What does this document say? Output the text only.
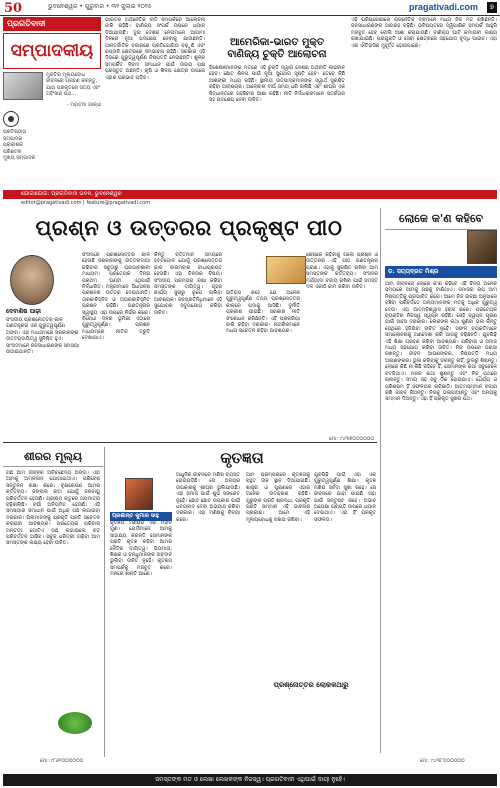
50	ଭୁବନେଶ୍ୱର • ଗୁରୁବାର • ୩୧ ଜୁଲାଇ ୨୦୨୫	pragativadi.com	୭
ପ୍ରଗତିବାଦୀ
ସମ୍ପାଦକୀୟ
ମୁକ୍ତିର ମୂଲ୍ୟବୋଧ ଜୀବନରେ ଗ୍ରହଣ କରନ୍ତୁ, ଯାହା ପ୍ରକୃତରେ ସତ୍ୟ ଏବଂ ଅହିଂସାର ପଥ...
- ମହାତ୍ମା ଗାନ୍ଧୀ
ପ୍ରତିଷ୍ଠାତା
ସମ୍ପାଦକ
ପ୍ରକାଶକ
ପ୍ରିଣ୍ଟର
ମୁଖ୍ୟ ସମ୍ପାଦକ
ଭାରତର ଅର୍ଥନୈତିକ ନୀତି ସମ୍ପର୍କରେ ଆଲୋଚନା ଜାରି ରହିଛି। ବାଣିଜ୍ୟ ସଂପର୍କ ଉପରେ ଧ୍ୟାନ ଦିଆଯାଉଛି। ଦୁଇ ଦେଶର ନେତାମାନେ ଆଗାମୀ ଦିନରେ ନୂଆ ପଦକ୍ଷେପ ନେବାକୁ ଯାଉଛନ୍ତି। ଆନ୍ତର୍ଜାତିକ ବଜାରରେ ପ୍ରତିଯୋଗିତା ବଢ଼ୁଛି ଏବଂ ରପ୍ତାନି କ୍ଷେତ୍ରରେ ସମ୍ଭାବନା ରହିଛି। ସରକାର ଏହି ଦିଗରେ ଗୁରୁତ୍ୱପୂର୍ଣ୍ଣ ନିଷ୍ପତ୍ତି ନେଇଛନ୍ତି। ଶୁଳ୍କ ସମ୍ପର୍କିତ ବିବାଦ ସମାଧାନ ପାଇଁ ଉଭୟ ପକ୍ଷ ପ୍ରସ୍ତୁତ ଅଛନ୍ତି। କୃଷି ଓ ଶିଳ୍ପ କ୍ଷେତ୍ର ଉପରେ ଏହାର ପ୍ରଭାବ ପଡ଼ିବ।
ଆମେରିକା-ଭାରତ ମୁକ୍ତ ବାଣିଜ୍ୟ ଚୁକ୍ତି ଆଲୋଚନା
ବିଶେଷଜ୍ଞମାନଙ୍କ ମତରେ ଏହି ଚୁକ୍ତି ଦ୍ୱାରା ଦେଶର ଅର୍ଥନୀତି ଲାଭବାନ ହେବ। ଛୋଟ ଶିଳ୍ପ ପାଇଁ ନୂଆ ସୁଯୋଗ ସୃଷ୍ଟି ହେବ। ତେବେ କିଛି ଆଶଙ୍କା ମଧ୍ୟ ରହିଛି। ସ୍ଥାନୀୟ ଉତ୍ପାଦକମାନଙ୍କ ସ୍ୱାର୍ଥ ସୁରକ୍ଷିତ ରହିବା ଆବଶ୍ୟକ। ଆଲୋଚନା ଦୀର୍ଘ ସମୟ ଧରି ଚାଲିଛି ଏବଂ ଶୀଘ୍ର ଏକ ସିଦ୍ଧାନ୍ତରେ ପହଞ୍ଚିବାର ଆଶା ରହିଛି। ନୀତି ନିର୍ଦ୍ଧାରକମାନେ ସତର୍କତାର ସହ ପଦକ୍ଷେପ ନେବା ଉଚିତ।
ଏହି ପରିପ୍ରେକ୍ଷୀରେ ରାଜନୈତିକ ଦଳମାନେ ମଧ୍ୟ ନିଜ ମତ ରଖିଛନ୍ତି। ଜନସାଧାରଣଙ୍କ ଆଗ୍ରହ ବଢ଼ିଛି। ଭବିଷ୍ୟତରେ ଦ୍ୱିପାକ୍ଷିକ ସମ୍ପର୍କ ଆହୁରି ମଜବୁତ ହେବ ବୋଲି ଆଶା କରାଯାଉଛି। ବାଣିଜ୍ୟ ଘାଟି କମାଇବା ଲକ୍ଷ୍ୟ ରଖାଯାଇଛି। ପ୍ରଯୁକ୍ତି ଓ ସେବା କ୍ଷେତ୍ରରେ ସହଯୋଗ ବୃଦ୍ଧି ପାଇବ। ଏହା ଏକ ଐତିହାସିକ ମୁହୂର୍ତ୍ତ ହୋଇପାରେ।
ଯୋଗାଯୋଗ: ପ୍ରଗତିବାଦୀ ଭବନ, ଭୁବନେଶ୍ୱର
editor@pragativadi.com | feature@pragativadi.com
ପ୍ରଶ୍ନ ଓ ଉତ୍ତରର ପ୍ରକୃଷ୍ଟ ପୀଠ
ଦେବାଶିଷ ପାଢ଼ୀ
ସଂସଦୀୟ ପ୍ରଶ୍ନୋତ୍ତର କାଳ ଗଣତନ୍ତ୍ରର ଏକ ଗୁରୁତ୍ୱପୂର୍ଣ୍ଣ ଅଙ୍ଗ। ଏହା ମାଧ୍ୟମରେ ସରକାରଙ୍କ ଉତ୍ତରଦାୟିତ୍ୱ ସୁନିଶ୍ଚିତ ହୁଏ। ସାଂସଦମାନେ ଜନସାଧାରଣଙ୍କ ସମସ୍ୟା ଉଠାଇଥାନ୍ତି।
ସଂସଦରେ ପ୍ରଶ୍ନୋତ୍ତର କାଳ ହେଉଛି ସରକାରଙ୍କୁ ଉତ୍ତରଦାୟୀ କରିବାର ସବୁଠାରୁ ପ୍ରଭାବଶାଳୀ ମାଧ୍ୟମ। ପ୍ରତ୍ୟେକ ଦିନର ପ୍ରଥମ ଘଣ୍ଟା ଏଥିପାଇଁ ନିର୍ଦ୍ଧାରିତ। ମନ୍ତ୍ରୀମାନେ ସିଧାସଳଖ ପ୍ରଶ୍ନର ଉତ୍ତର ଦେଇଥାନ୍ତି। ତାରକାଚିହ୍ନିତ ଓ ଅତାରକାଚିହ୍ନିତ ପ୍ରଶ୍ନ ରହିଛି। ଗଣତନ୍ତ୍ରର ସ୍ୱାସ୍ଥ୍ୟ ଏହା ଉପରେ ନିର୍ଭର କରେ। ବିରୋଧୀ ଦଳର ଭୂମିକା ଏଠାରେ ଗୁରୁତ୍ୱପୂର୍ଣ୍ଣ। ପ୍ରଶ୍ନ ମାଧ୍ୟମରେ ନୀତିର ତ୍ରୁଟି ଦେଖାଯାଏ।
କିନ୍ତୁ ବର୍ତ୍ତମାନ ସମୟରେ ହଟ୍ଟଗୋଳ ଯୋଗୁଁ ପ୍ରଶ୍ନୋତ୍ତର କାଳ ବାରମ୍ବାର ବାଧାପ୍ରାପ୍ତ ହେଉଛି। ଏହା ଚିନ୍ତାର ବିଷୟ। ସଂସଦୀୟ ପରମ୍ପରା ରକ୍ଷା କରିବା ସମସ୍ତଙ୍କ ଦାୟିତ୍ୱ। ଗୃହର କାର୍ଯ୍ୟ ସୁଚାରୁ ରୂପେ ଚାଲିବା ଆବଶ୍ୟକ। ଜନପ୍ରତିନିଧିମାନେ ଏହି ସୁଯୋଗର ସଦୁପଯୋଗ କରିବା ଉଚିତ।
ଇତିହାସ କହେ ଯେ ଅନେକ ଗୁରୁତ୍ୱପୂର୍ଣ୍ଣ ତଥ୍ୟ ପ୍ରଶ୍ନୋତ୍ତର କାଳରେ ପଦାକୁ ଆସିଛି। ଦୁର୍ନୀତି ପ୍ରକାଶ ପାଇଛି। ସରକାର ନୀତି ସଂଶୋଧନ କରିଛନ୍ତି। ଏହି ପ୍ରକ୍ରିୟା ଜାରି ରହିବା ଦରକାର। ନାଗରିକମାନେ ମଧ୍ୟ ସଚେତନ ରହିବା ଆବଶ୍ୟକ।
ଶେଷରେ କହିବାକୁ ଗଲେ ପ୍ରଶ୍ନ ଓ ଉତ୍ତରର ଏହି ପୀଠ ଗଣତନ୍ତ୍ରର ପ୍ରାଣ। ଏହାକୁ ସୁରକ୍ଷିତ ରଖିବା ଆମ ସମସ୍ତଙ୍କ କର୍ତ୍ତବ୍ୟ। ସଂସଦର ମର୍ଯ୍ୟାଦା ବଜାୟ ରଖିବା ପାଇଁ ସମସ୍ତ ଦଳ ଏକାଠି କାମ କରିବା ଉଚିତ।
ମୋ: ୯୪୩୭୦୦୦୦୦୦
ଲୋକେ କ'ଣ କହିବେ
ଡ. ସତ୍ୟବ୍ରତ ମିଶ୍ର
ଆମ ଜୀବନରେ ଲୋକେ କ'ଣ କହିବେ ଏହି ଚିନ୍ତା ଅନେକ ସମୟରେ ଆମକୁ ପଛକୁ ଟାଣିଥାଏ। ସମାଜର ଚାପ ଆମ ନିଷ୍ପତ୍ତିକୁ ପ୍ରଭାବିତ କରେ। ଆମେ ନିଜ ଇଚ୍ଛା ଅନୁସାରେ ବଞ୍ଚିବା ପରିବର୍ତ୍ତେ ଅନ୍ୟମାନଙ୍କ ମତକୁ ଅଧିକ ଗୁରୁତ୍ୱ ଦେଉ। ଏହା ଆତ୍ମବିଶ୍ୱାସ ହ୍ରାସ କରେ। ପ୍ରତ୍ୟେକ ବ୍ୟକ୍ତିର ନିଜସ୍ୱ ସ୍ୱପ୍ନ ରହିଛି। ସେହି ସ୍ୱପ୍ନ ପୂରଣ ପାଇଁ ସାହସ ଦରକାର। ଲୋକଙ୍କ କଥା ଶୁଣିବା ଭଲ କିନ୍ତୁ ସେଥିରେ ହଜିଯିବା ଉଚିତ ନୁହେଁ। ସଫଳ ବ୍ୟକ୍ତିମାନେ ସମାଲୋଚନାକୁ ଅଣଦେଖା କରି ଆଗକୁ ବଢ଼ିଛନ୍ତି। ଯୁବପିଢ଼ି ଏହି ଶିକ୍ଷା ଗ୍ରହଣ କରିବା ଆବଶ୍ୟକ। ପରିବାର ଓ ସମାଜ ମଧ୍ୟ ସହଯୋଗ କରିବା ଉଚିତ। ନିଜ ଉପରେ ଭରସା ରଖନ୍ତୁ। ଜୀବନ ଆପଣଙ୍କର, ନିଷ୍ପତ୍ତି ମଧ୍ୟ ଆପଣଙ୍କର। ଭୁଲ କରିବାକୁ ଡରନ୍ତୁ ନାହିଁ, ଭୁଲରୁ ଶିଖନ୍ତୁ। ଲୋକେ କିଛି ନା କିଛି କହିବେ ହିଁ, ସେମାନଙ୍କ କଥା ସବୁବେଳେ ବଦଳିଥାଏ। ମନର କଥା ଶୁଣନ୍ତୁ ଏବଂ ନିଜ ପଥରେ ଚାଲନ୍ତୁ। ସମୟ ସହ ସବୁ ଠିକ ହୋଇଯାଏ। ଧୈର୍ଯ୍ୟ ଓ ପରିଶ୍ରମ ହିଁ ସଫଳତାର ଚାବିକାଠି। ଆତ୍ମସମ୍ମାନ ବଜାୟ ରଖି ଜୀବନ ଜିଅନ୍ତୁ। ନିଜକୁ ଭଲପାଆନ୍ତୁ ଏବଂ ଅନ୍ୟକୁ ସମ୍ମାନ ଦିଅନ୍ତୁ। ଏହା ହିଁ ପ୍ରକୃତ ସୁଖର ପଥ।
ଶୀରର ମୂଲ୍ୟ
ଗଛ ଆମ ଜୀବନର ଅବିଚ୍ଛେଦ୍ୟ ଅଙ୍ଗ। ଏହା ଆମକୁ ଅମ୍ଳଜାନ ଯୋଗାଇଥାଏ। ପରିବେଶ ସନ୍ତୁଳନ ରକ୍ଷା କରେ। ବୃକ୍ଷରୋପଣ ଆମର କର୍ତ୍ତବ୍ୟ। ଜଙ୍ଗଲ କଟା ଯୋଗୁଁ ଜଳବାୟୁ ପରିବର୍ତ୍ତନ ହେଉଛି। ଗ୍ରୀଷ୍ମ ଋତୁରେ ତାପମାତ୍ରା ବଢ଼ିଚାଲିଛି। ବର୍ଷା ଅନିୟମିତ ହେଉଛି। ଏହି ସମସ୍ୟାର ସମାଧାନ ପାଇଁ ଅଧିକ ଗଛ ଲଗାଇବା ଦରକାର। ପିଲାମାନଙ୍କୁ ପ୍ରକୃତି ପ୍ରତି ସଚେତନ କରାଇବା ଆବଶ୍ୟକ। ପ୍ରତ୍ୟେକ ପରିବାର ଅନ୍ତତଃ ଗୋଟିଏ ଗଛ ଲଗାଇଲେ ବଡ଼ ପରିବର୍ତ୍ତନ ଆସିବ। ସବୁଜ ଧରିତ୍ରୀ ଗଢ଼ିବା ଆମ ସମସ୍ତଙ୍କ ଲକ୍ଷ୍ୟ ହେବା ଉଚିତ।
କୃତଜ୍ଞତା
ପ୍ରଶାନ୍ତ କୁମାର ସାହୁ
କୃତଜ୍ଞତା ମଣିଷର ଏକ ମହାନ ଗୁଣ। ଯେଉଁମାନେ ଆମକୁ ସାହାଯ୍ୟ କରନ୍ତି ସେମାନଙ୍କ ପ୍ରତି କୃତଜ୍ଞ ରହିବା ଆମର ନୈତିକ ଦାୟିତ୍ୱ। ପିତାମାତା, ଶିକ୍ଷକ ଓ ବନ୍ଧୁମାନଙ୍କ ଅବଦାନ ଭୁଲିବା ଉଚିତ ନୁହେଁ। କୃତଜ୍ଞତା ସମ୍ପର୍କକୁ ମଜବୁତ କରେ। ମନରେ ଶାନ୍ତି ଆଣେ।
ଆଧୁନିକ ଜୀବନରେ ମଣିଷ ବ୍ୟସ୍ତ ହୋଇପଡ଼ିଛି। ସେ ଅନ୍ୟର ଉପକାରକୁ ଶୀଘ୍ର ଭୁଲିଯାଉଛି। ଏହା ସମାଜ ପାଇଁ ଶୁଭ ସଙ୍କେତ ନୁହେଁ। ଛୋଟ ଛୋଟ ଉପକାର ପାଇଁ ଧନ୍ୟବାଦ ଦେବା ଅଭ୍ୟାସ କରିବା ଦରକାର। ଏହା ମଣିଷକୁ ବିନୟୀ କରେ।
ଆମ ପରମ୍ପରାରେ କୃତଜ୍ଞତାକୁ ବହୁତ ଉଚ୍ଚ ସ୍ଥାନ ଦିଆଯାଇଛି। ଶାସ୍ତ୍ର ଓ ପୁରାଣରେ ଏହାର ଅନେକ ଉଦାହରଣ ରହିଛି। ଗୁରୁଙ୍କ ପ୍ରତି ଶ୍ରଦ୍ଧା, ପ୍ରକୃତି ପ୍ରତି ସମ୍ମାନ ଏହି ଭାବନାର ପ୍ରକାଶ। ଆମେ ଏହି ମୂଲ୍ୟବୋଧକୁ ବଞ୍ଚାଇ ରଖିବା।
ଯୁବପିଢ଼ି ପାଇଁ ଏହା ଏକ ଗୁରୁତ୍ୱପୂର୍ଣ୍ଣ ଶିକ୍ଷା। କୃତଜ୍ଞ ମଣିଷ ସର୍ବଦା ସୁଖୀ ରହେ। ସେ ଜୀବନରେ ଯାହା ପାଇଛି ତାହା ପାଇଁ ସନ୍ତୁଷ୍ଟ ରହେ। ଅଭାବ ଅପେକ୍ଷା ପ୍ରାପ୍ତି ଉପରେ ଧ୍ୟାନ ଦେଇଥାଏ। ଏହା ହିଁ ପ୍ରକୃତ ସଫଳତା।
ପ୍ରଶ୍ନୋତ୍ତର ଲୋକକଥାରୁ
ମୋ: ୯୮୬୧୦୦୦୦୦୦	ମୋ: ୯୪୩୮୦୦୦୦୦୦
ସମସ୍ତଙ୍କ ମତ ଓ ଲେଖା ଲେଖକଙ୍କ ନିଜସ୍ୱ। ପ୍ରଗତିବାଦୀ ଏଥିପାଇଁ ଦାୟୀ ନୁହେଁ।
